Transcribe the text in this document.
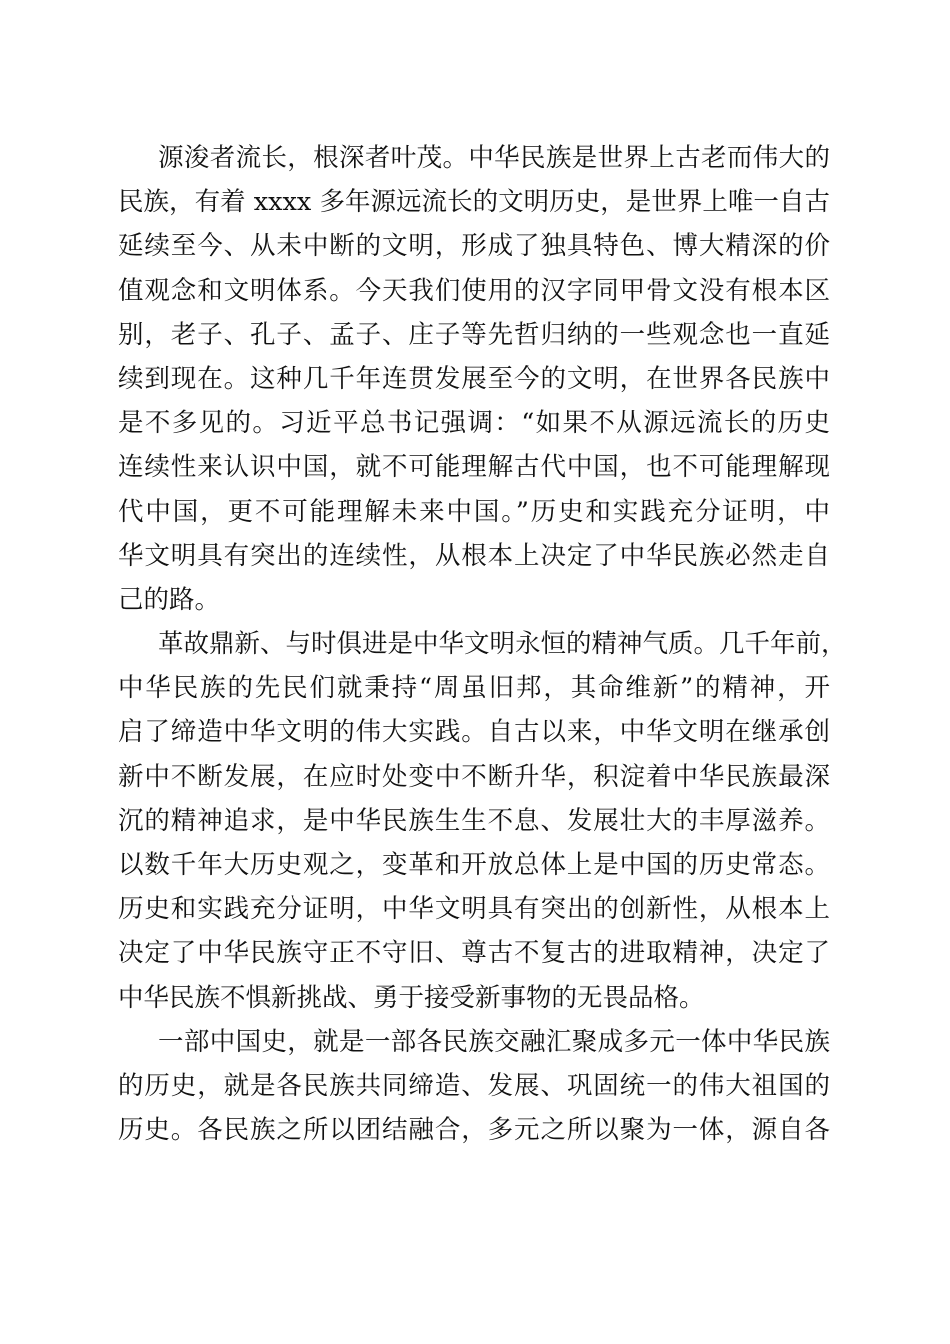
源浚者流长，根深者叶茂。中华民族是世界上古老而伟大的
民族，有着 xxxx 多年源远流长的文明历史，是世界上唯一自古
延续至今、从未中断的文明，形成了独具特色、博大精深的价
值观念和文明体系。今天我们使用的汉字同甲骨文没有根本区
别，老子、孔子、孟子、庄子等先哲归纳的一些观念也一直延
续到现在。这种几千年连贯发展至今的文明，在世界各民族中
是不多见的。习近平总书记强调：“如果不从源远流长的历史
连续性来认识中国，就不可能理解古代中国，也不可能理解现
代中国，更不可能理解未来中国。”历史和实践充分证明，中
华文明具有突出的连续性，从根本上决定了中华民族必然走自
己的路。

革故鼎新、与时俱进是中华文明永恒的精神气质。几千年前，
中华民族的先民们就秉持“周虽旧邦，其命维新”的精神，开
启了缔造中华文明的伟大实践。自古以来，中华文明在继承创
新中不断发展，在应时处变中不断升华，积淀着中华民族最深
沉的精神追求，是中华民族生生不息、发展壮大的丰厚滋养。
以数千年大历史观之，变革和开放总体上是中国的历史常态。
历史和实践充分证明，中华文明具有突出的创新性，从根本上
决定了中华民族守正不守旧、尊古不复古的进取精神，决定了
中华民族不惧新挑战、勇于接受新事物的无畏品格。

一部中国史，就是一部各民族交融汇聚成多元一体中华民族
的历史，就是各民族共同缔造、发展、巩固统一的伟大祖国的
历史。各民族之所以团结融合，多元之所以聚为一体，源自各
